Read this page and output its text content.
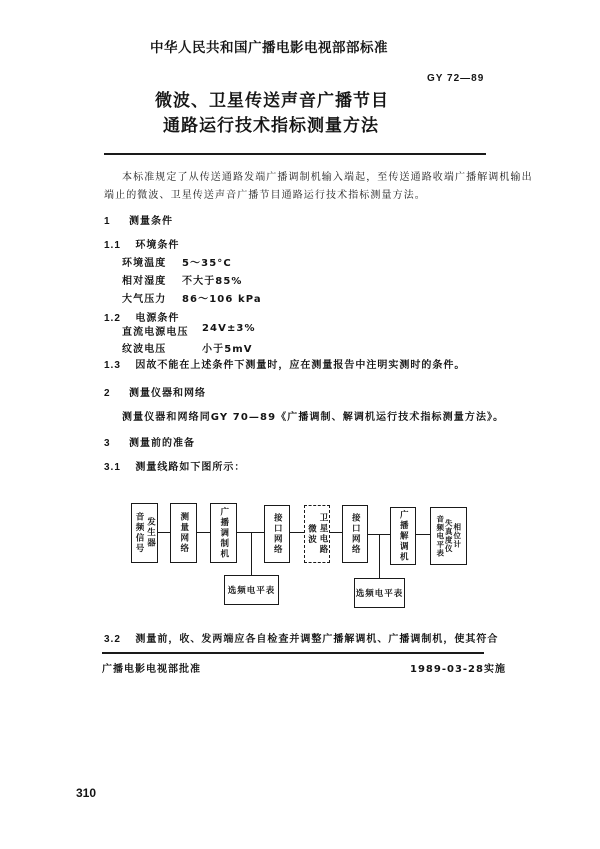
中华人民共和国广播电影电视部部标准
GY 72—89
微波、卫星传送声音广播节目
通路运行技术指标测量方法
本标准规定了从传送通路发端广播调制机输入端起，至传送通路收端广播解调机输出
端止的微波、卫星传送声音广播节目通路运行技术指标测量方法。
1 测量条件
1.1 环境条件
环境温度 5～35°C
相对湿度 不大于85%
大气压力 86～106 kPa
1.2 电源条件
直流电源电压 24V±3%
纹波电压	小于5mV
1.3 因故不能在上述条件下测量时，应在测量报告中注明实测时的条件。
2 测量仪器和网络
测量仪器和网络同GY 70—89《广播调制、解调机运行技术指标测量方法》。
3 测量前的准备
3.1 测量线路如下图所示：
发生器
音频信号	测量网络	广播调制机	接口网络	卫星电路
微波	接口网络	广播解调机	相位计
失真度仪
音频电平表
选频电平表	选频电平表
3.2 测量前，收、发两端应各自检查并调整广播解调机、广播调制机，使其符合
广播电影电视部批准	1989-03-28实施
310
